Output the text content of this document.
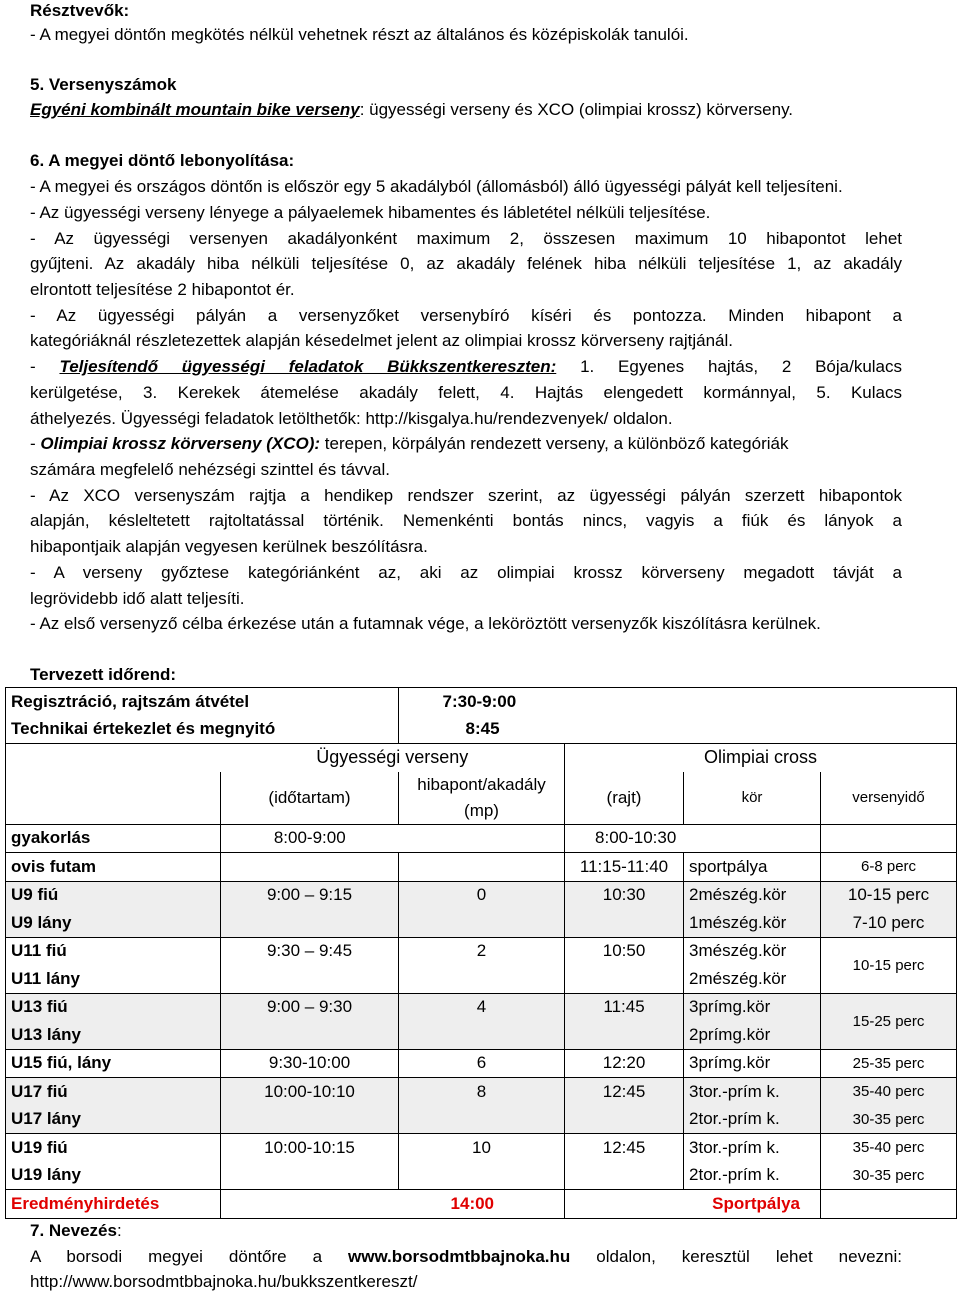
Résztvevők:
- A megyei döntőn megkötés nélkül vehetnek részt az általános és középiskolák tanulói.
5. Versenyszámok
Egyéni kombinált mountain bike verseny: ügyességi verseny és XCO (olimpiai krossz) körverseny.
6. A megyei döntő lebonyolítása:
- A megyei és országos döntőn is először egy 5 akadályból (állomásból) álló ügyességi pályát kell teljesíteni.
- Az ügyességi verseny lényege a pályaelemek hibamentes és lábletétel nélküli teljesítése.
- Az ügyességi versenyen akadályonként maximum 2, összesen maximum 10 hibapontot lehet
gyűjteni. Az akadály hiba nélküli teljesítése 0, az akadály felének hiba nélküli teljesítése 1, az akadály
elrontott teljesítése 2 hibapontot ér.
- Az ügyességi pályán a versenyzőket versenybíró kíséri és pontozza. Minden hibapont a
kategóriáknál részletezettek alapján késedelmet jelent az olimpiai krossz körverseny rajtjánál.
- Teljesítendő ügyességi feladatok Bükkszentkereszten: 1. Egyenes hajtás, 2 Bója/kulacs
kerülgetése, 3. Kerekek átemelése akadály felett, 4. Hajtás elengedett kormánnyal, 5. Kulacs
áthelyezés. Ügyességi feladatok letölthetők: http://kisgalya.hu/rendezvenyek/ oldalon.
- Olimpiai krossz körverseny (XCO): terepen, körpályán rendezett verseny, a különböző kategóriák
számára megfelelő nehézségi szinttel és távval.
- Az XCO versenyszám rajtja a hendikep rendszer szerint, az ügyességi pályán szerzett hibapontok
alapján, késleltetett rajtoltatással történik. Nemenkénti bontás nincs, vagyis a fiúk és lányok a
hibapontjaik alapján vegyesen kerülnek beszólításra.
- A verseny győztese kategóriánként az, aki az olimpiai krossz körverseny megadott távját a
legrövidebb idő alatt teljesíti.
- Az első versenyző célba érkezése után a futamnak vége, a leköröztött versenyzők kiszólításra kerülnek.
Tervezett időrend:
Regisztráció, rajtszám átvétel 7:30-9:00					

Technikai értekezlet és megnyitó 8:45					

	Ügyességi verseny		Olimpiai cross		
	(időtartam)	hibapont/akadály
(mp)	(rajt)	kör	versenyidő
gyakorlás	8:00-9:00		8:00-10:30		
ovis futam			11:15-11:40	sportpálya	6-8 perc
U9 fiú	9:00 – 9:15	0	10:30	2mészég.kör	10-15 perc
U9 lány				1mészég.kör	7-10 perc
U11 fiú	9:30 – 9:45	2	10:50	3mészég.kör	10-15 perc
U11 lány				2mészég.kör	
U13 fiú	9:00 – 9:30	4	11:45	3prímg.kör	15-25 perc
U13 lány				2prímg.kör	
U15 fiú, lány	9:30-10:00	6	12:20	3prímg.kör	25-35 perc
U17 fiú	10:00-10:10	8	12:45	3tor.-prím k.	35-40 perc
U17 lány				2tor.-prím k.	30-35 perc
U19 fiú	10:00-10:15	10	12:45	3tor.-prím k.	35-40 perc
U19 lány				2tor.-prím k.	30-35 perc
Eredményhirdetés	14:00		Sportpálya		
7. Nevezés:
A borsodi megyei döntőre a www.borsodmtbbajnoka.hu oldalon, keresztül lehet nevezni:
http://www.borsodmtbbajnoka.hu/bukkszentkereszt/
